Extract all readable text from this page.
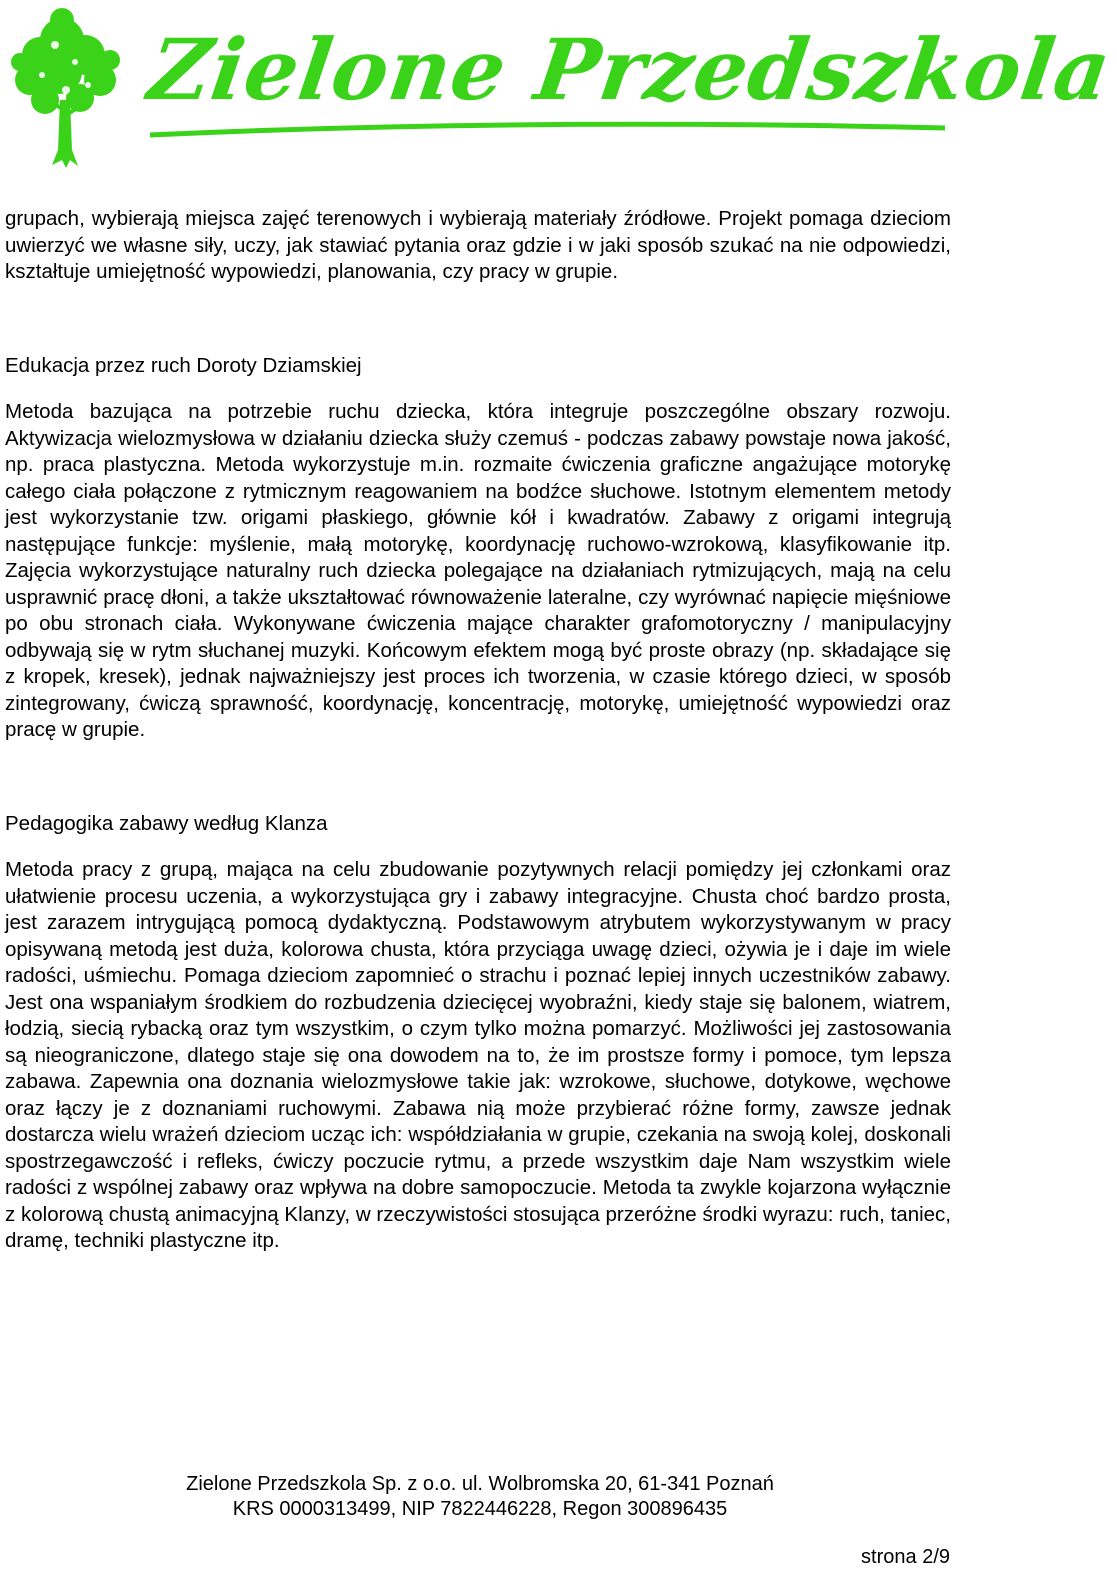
Zielone Przedszkola

grupach, wybierają miejsca zajęć terenowych i wybierają materiały źródłowe. Projekt pomaga dzieciom uwierzyć we własne siły, uczy, jak stawiać pytania oraz gdzie i w jaki sposób szukać na nie odpowiedzi, kształtuje umiejętność wypowiedzi, planowania, czy pracy w grupie.

Edukacja przez ruch Doroty Dziamskiej

Metoda bazująca na potrzebie ruchu dziecka, która integruje poszczególne obszary rozwoju. Aktywizacja wielozmysłowa w działaniu dziecka służy czemuś - podczas zabawy powstaje nowa jakość, np. praca plastyczna. Metoda wykorzystuje m.in. rozmaite ćwiczenia graficzne angażujące motorykę całego ciała połączone z rytmicznym reagowaniem na bodźce słuchowe. Istotnym elementem metody jest wykorzystanie tzw. origami płaskiego, głównie kół i kwadratów. Zabawy z origami integrują następujące funkcje: myślenie, małą motorykę, koordynację ruchowo-wzrokową, klasyfikowanie itp. Zajęcia wykorzystujące naturalny ruch dziecka polegające na działaniach rytmizujących, mają na celu usprawnić pracę dłoni, a także ukształtować równoważenie lateralne, czy wyrównać napięcie mięśniowe po obu stronach ciała. Wykonywane ćwiczenia mające charakter grafomotoryczny / manipulacyjny odbywają się w rytm słuchanej muzyki. Końcowym efektem mogą być proste obrazy (np. składające się z kropek, kresek), jednak najważniejszy jest proces ich tworzenia, w czasie którego dzieci, w sposób zintegrowany, ćwiczą sprawność, koordynację, koncentrację, motorykę, umiejętność wypowiedzi oraz pracę w grupie.

Pedagogika zabawy według Klanza

Metoda pracy z grupą, mająca na celu zbudowanie pozytywnych relacji pomiędzy jej członkami oraz ułatwienie procesu uczenia, a wykorzystująca gry i zabawy integracyjne. Chusta choć bardzo prosta, jest zarazem intrygującą pomocą dydaktyczną. Podstawowym atrybutem wykorzystywanym w pracy opisywaną metodą jest duża, kolorowa chusta, która przyciąga uwagę dzieci, ożywia je i daje im wiele radości, uśmiechu. Pomaga dzieciom zapomnieć o strachu i poznać lepiej innych uczestników zabawy. Jest ona wspaniałym środkiem do rozbudzenia dziecięcej wyobraźni, kiedy staje się balonem, wiatrem, łodzią, siecią rybacką oraz tym wszystkim, o czym tylko można pomarzyć. Możliwości jej zastosowania są nieograniczone, dlatego staje się ona dowodem na to, że im prostsze formy i pomoce, tym lepsza zabawa. Zapewnia ona doznania wielozmysłowe takie jak: wzrokowe, słuchowe, dotykowe, węchowe oraz łączy je z doznaniami ruchowymi. Zabawa nią może przybierać różne formy, zawsze jednak dostarcza wielu wrażeń dzieciom ucząc ich: współdziałania w grupie, czekania na swoją kolej, doskonali spostrzegawczość i refleks, ćwiczy poczucie rytmu, a przede wszystkim daje Nam wszystkim wiele radości z wspólnej zabawy oraz wpływa na dobre samopoczucie. Metoda ta zwykle kojarzona wyłącznie z kolorową chustą animacyjną Klanzy, w rzeczywistości stosująca przeróżne środki wyrazu: ruch, taniec, dramę, techniki plastyczne itp.

Zielone Przedszkola Sp. z o.o. ul. Wolbromska 20, 61-341 Poznań
KRS 0000313499, NIP 7822446228, Regon 300896435
strona 2/9
